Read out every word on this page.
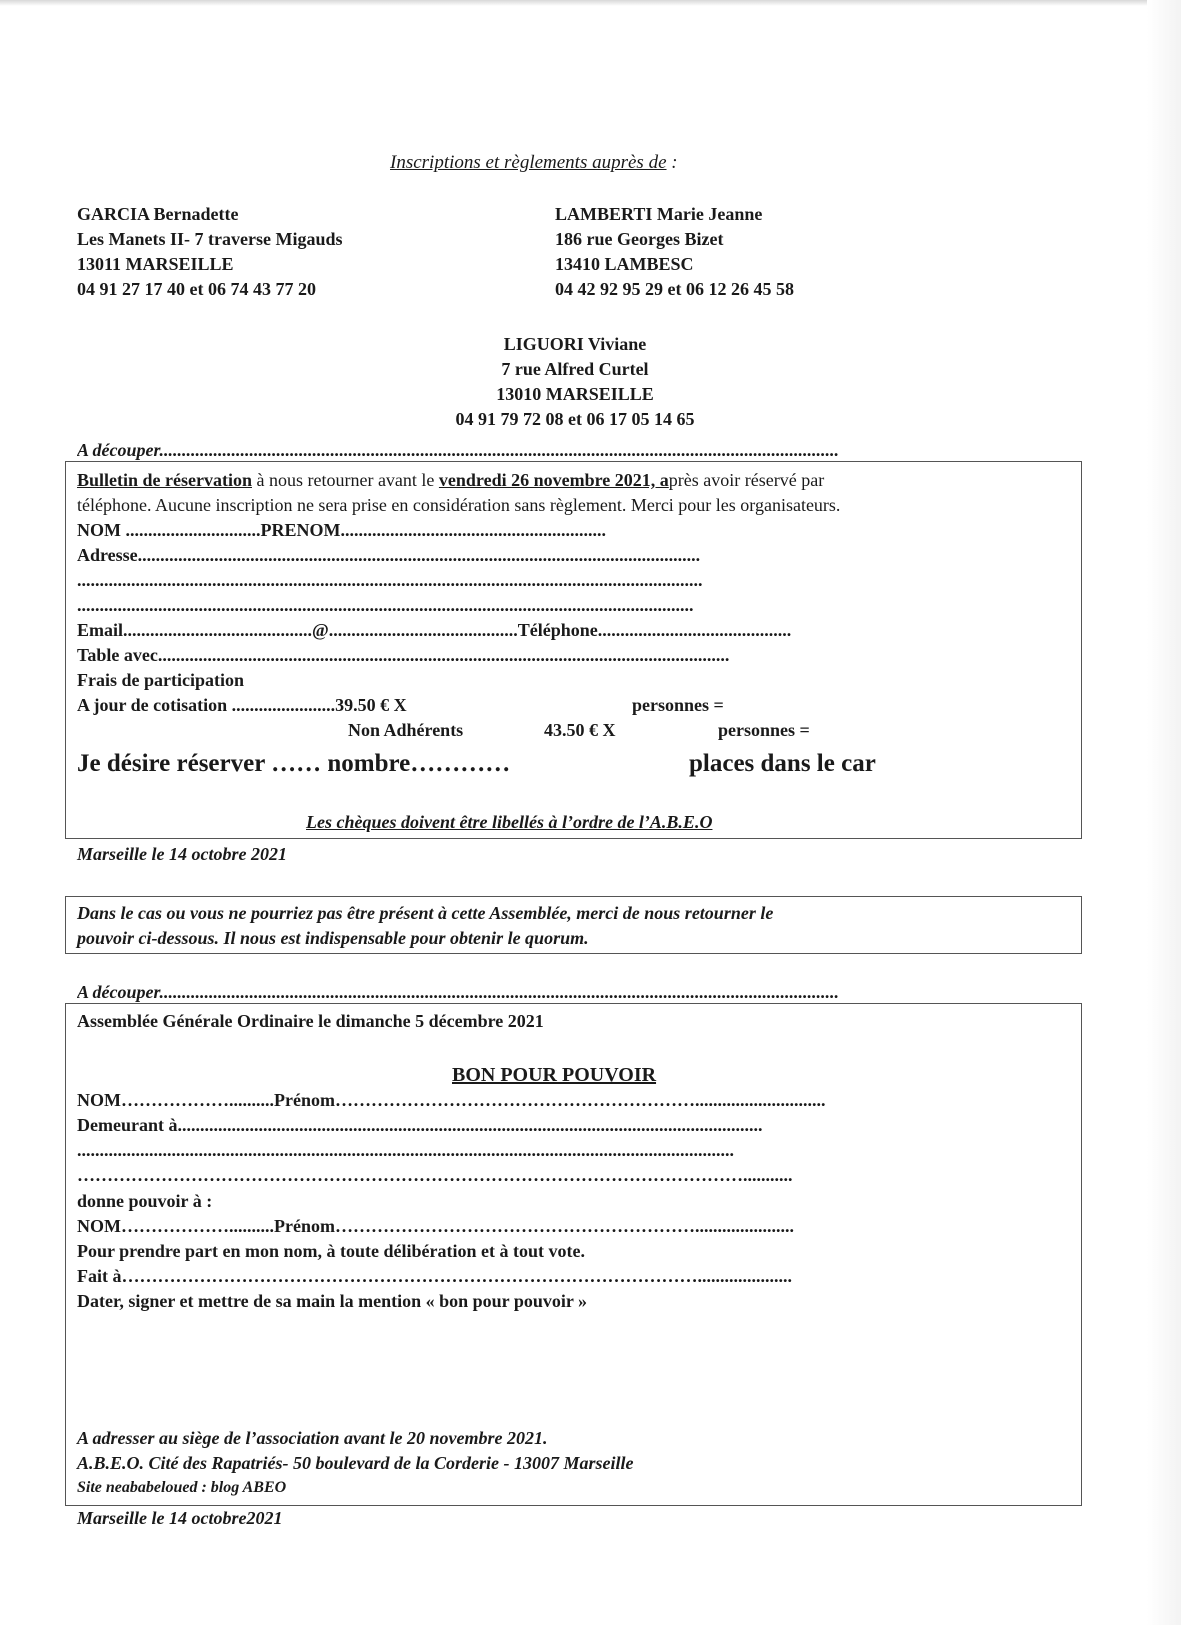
Inscriptions et règlements auprès de :
GARCIA Bernadette
Les Manets II- 7 traverse Migauds
13011 MARSEILLE
04 91 27 17 40 et 06 74 43 77 20
LAMBERTI Marie Jeanne
186 rue Georges Bizet
13410 LAMBESC
04 42 92 95 29 et 06 12 26 45 58
LIGUORI Viviane
7 rue Alfred Curtel
13010 MARSEILLE
04 91 79 72 08 et 06 17 05 14 65
A découper.......................................................................................................................................................
Bulletin de réservation à nous retourner avant le vendredi 26 novembre 2021, après avoir réservé par
téléphone. Aucune inscription ne sera prise en considération sans règlement. Merci pour les organisateurs.
NOM ..............................PRENOM...........................................................
Adresse.............................................................................................................................
...........................................................................................................................................
.........................................................................................................................................
Email..........................................@..........................................Téléphone...........................................
Table avec...............................................................................................................................
Frais de participation
A jour de cotisation .......................39.50 € X	personnes =
Non Adhérents	43.50 € X	personnes =
Je désire réserver …… nombre…………	places dans le car
Les chèques doivent être libellés à l’ordre de l’A.B.E.O
Marseille le 14 octobre 2021
Dans le cas ou vous ne pourriez pas être présent à cette Assemblée, merci de nous retourner le
pouvoir ci-dessous. Il nous est indispensable pour obtenir le quorum.
A découper.......................................................................................................................................................
Assemblée Générale Ordinaire le dimanche 5 décembre 2021
BON POUR POUVOIR
NOM………………..........Prénom…………………………………………………….............................
Demeurant à..................................................................................................................................
..................................................................................................................................................
…………………………………………………………………………………………………...........
donne pouvoir à :
NOM………………..........Prénom……………………………………………………......................
Pour prendre part en mon nom, à toute délibération et à tout vote.
Fait à…………………………………………………………………………………….....................
Dater, signer et mettre de sa main la mention « bon pour pouvoir »
A adresser au siège de l’association avant le 20 novembre 2021.
A.B.E.O. Cité des Rapatriés- 50 boulevard de la Corderie - 13007 Marseille
Site neababeloued : blog ABEO
Marseille le 14 octobre2021
